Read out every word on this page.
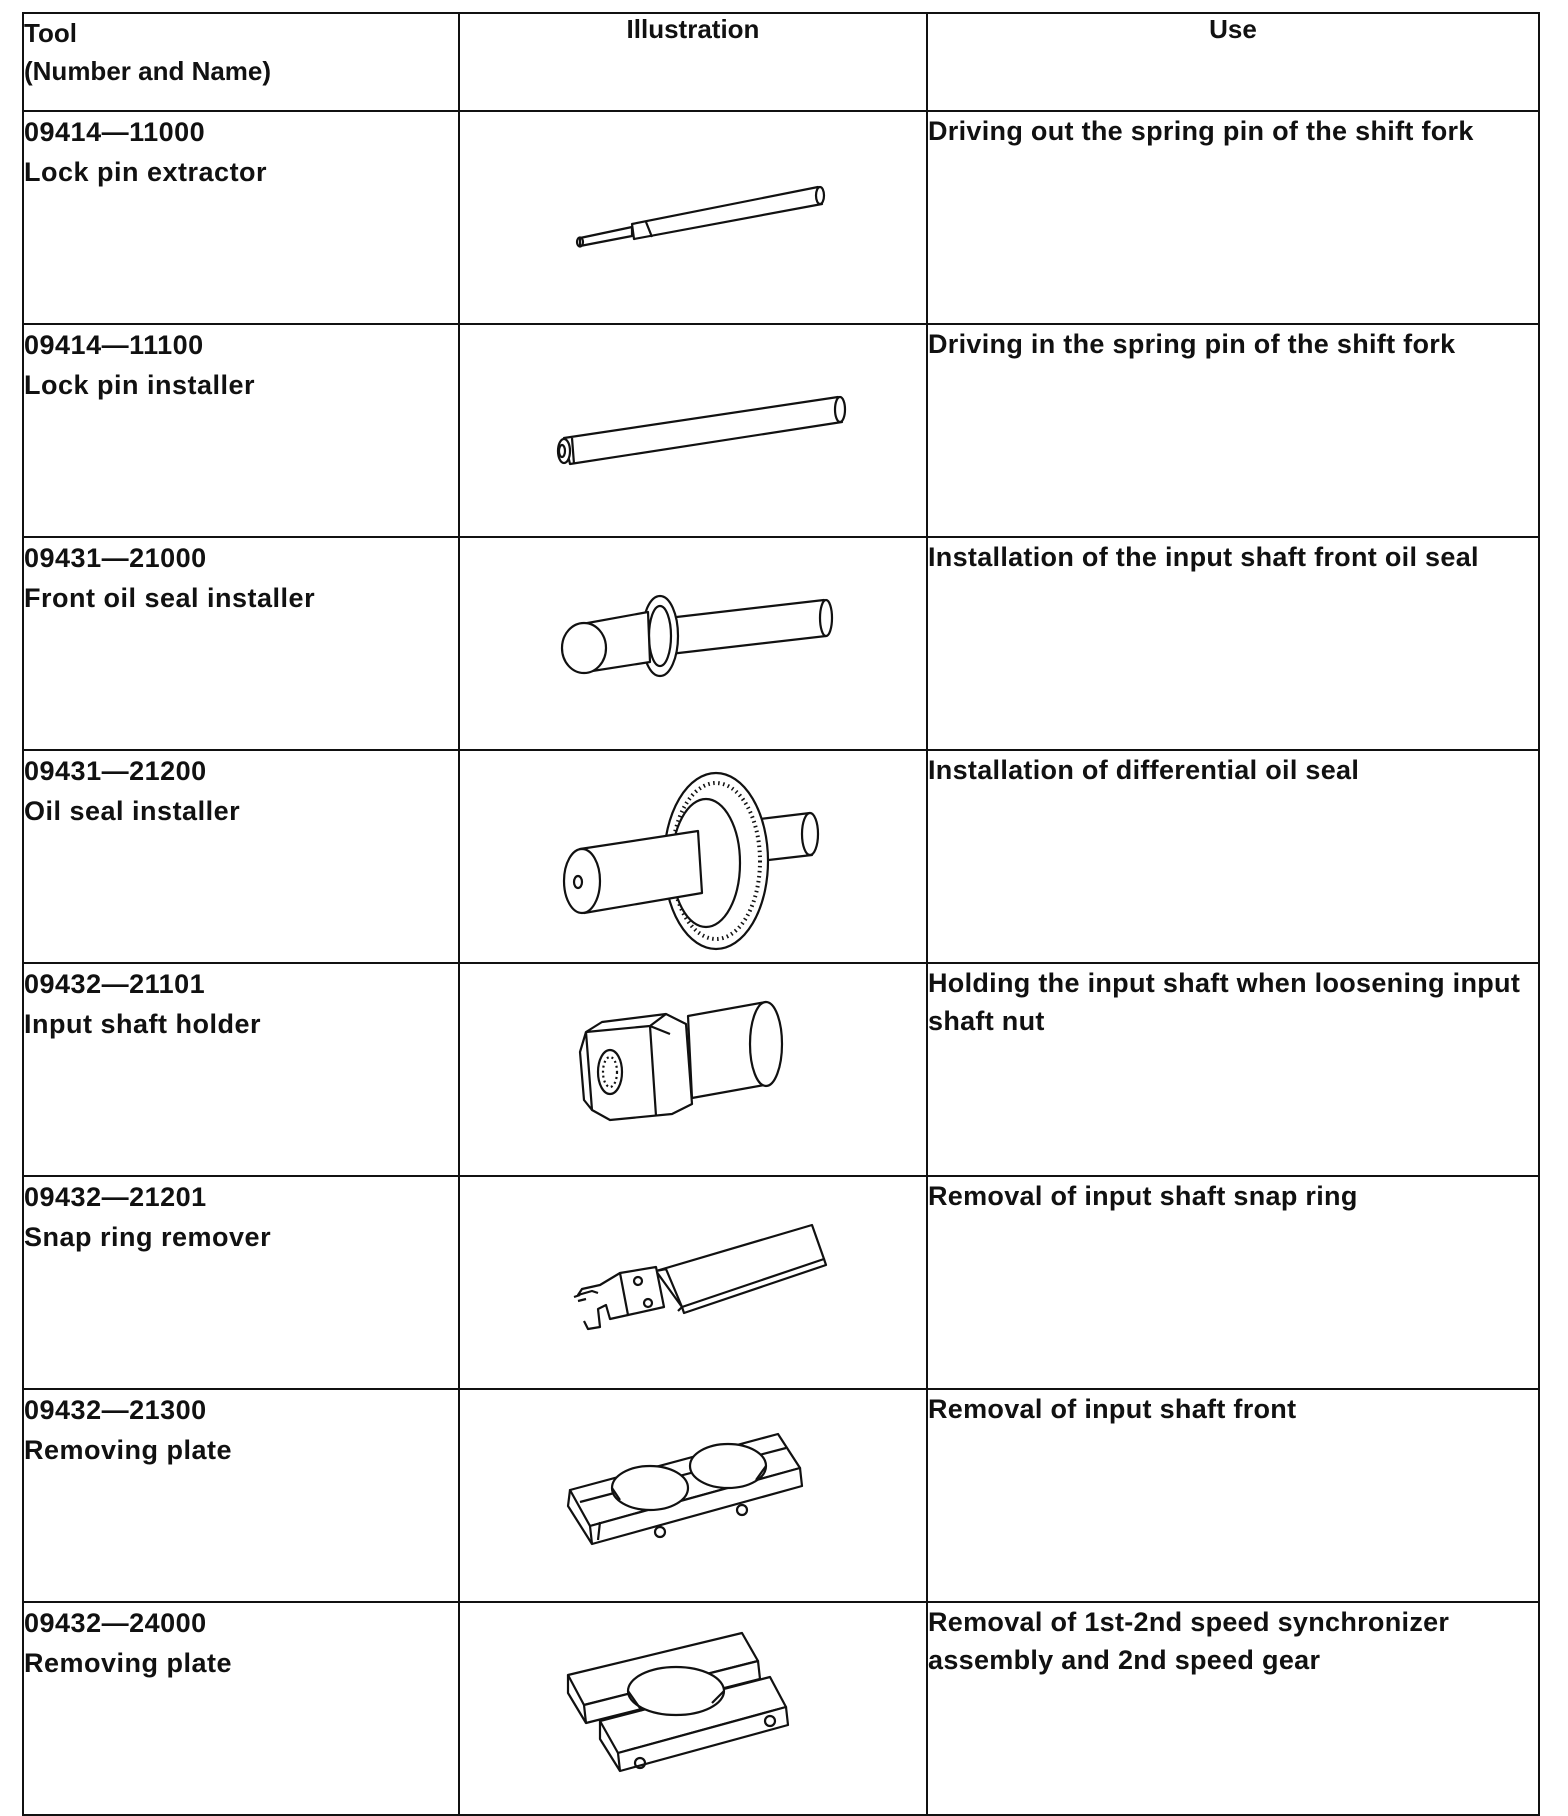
Tool
(Number and Name)	Illustration	Use

09414—11000
Lock pin extractor		Driving out the spring pin of the shift fork

09414—11100
Lock pin installer		Driving in the spring pin of the shift fork

09431—21000
Front oil seal installer		Installation of the input shaft front oil seal

09431—21200
Oil seal installer		Installation of differential oil seal

09432—21101
Input shaft holder		Holding the input shaft when loosening input shaft nut

09432—21201
Snap ring remover		Removal of input shaft snap ring

09432—21300
Removing plate		Removal of input shaft front

09432—24000
Removing plate		Removal of 1st-2nd speed synchronizer assembly and 2nd speed gear
